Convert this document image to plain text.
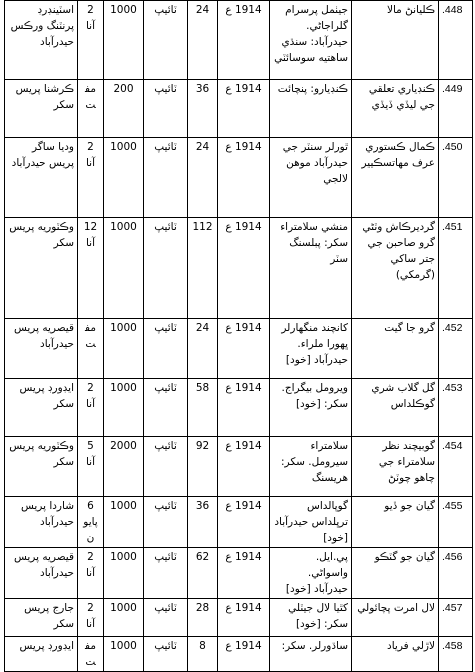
اسٽينڊرڊ پرنٽنگ ورڪس حيدرآباد	2 آنا	1000	ٽائيپ	24	1914 ع	جيٺمل پرسرام گلراجاڻي. حيدرآباد: سنڌي ساهتيه سوسائٽي	ڪليانڻ مالا	.448
ڪرشنا پريس سکر	مفت	200	ٽائيپ	36	1914 ع	ڪنڊيارو: پنچائت	ڪنڊياري تعلقي جي ليڏي ڏيڏي	.449
وديا ساگر پريس حيدرآباد	2 آنا	1000	ٽائيپ	24	1914 ع	ٿورلر سنٽر جي حيدرآباد موهن لالجي	ڪمال ڪستوري عرف مهاتسڪيير	.450
وڪٽوريه پريس سکر	12 آنا	1000	ٽائيپ	112	1914 ع	منشي سلامتراء سکر: پبلسنگ سٽر	گرديرڪاش وٽڻي گرو صاحبن جي جتر ساکي (گرمکي)	.451
قيصريه پريس حيدرآباد	مفت	1000	ٽائيپ	24	1914 ع	کانچند منگهارلر ڀهورا ملراء. حيدرآباد [خود]	گرو جا گيت	.452
ايڊورڊ پريس سکر	2 آنا	1000	ٽائيپ	58	1914 ع	ويرومل بيگراج. سکر: [خود]	گل گلاب شري گوڪلداس	.453
وڪٽوريه پريس سکر	5 آنا	2000	ٽائيپ	92	1914 ع	سلامتراء سيرومل. سکر: هريسنگ	گوبيچند نظر سلامتراء جي چاهو چوٽڻ	.454
شاردا پريس حيدرآباد	6 پايون	1000	ٽائيپ	36	1914 ع	گوپالداس ترڀلداس حيدرآباد [خود]	گيان جو ڏيو	.455
قيصريه پريس حيدرآباد	2 آنا	1000	ٽائيپ	62	1914 ع	پي.ايل. واسواڻي. حيدرآباد [خود]	گيان جو گٽڪو	.456
جارج پريس سکر	2 آنا	1000	ٽائيپ	28	1914 ع	کٿيا لال جيٽلي سکر: [خود]	لال امرت پچائولي	.457
ايڊورڊ پريس	مفت	1000	ٽائيپ	8	1914 ع	ساڌورلر. سکر:	لاڙلي فرياد	.458
